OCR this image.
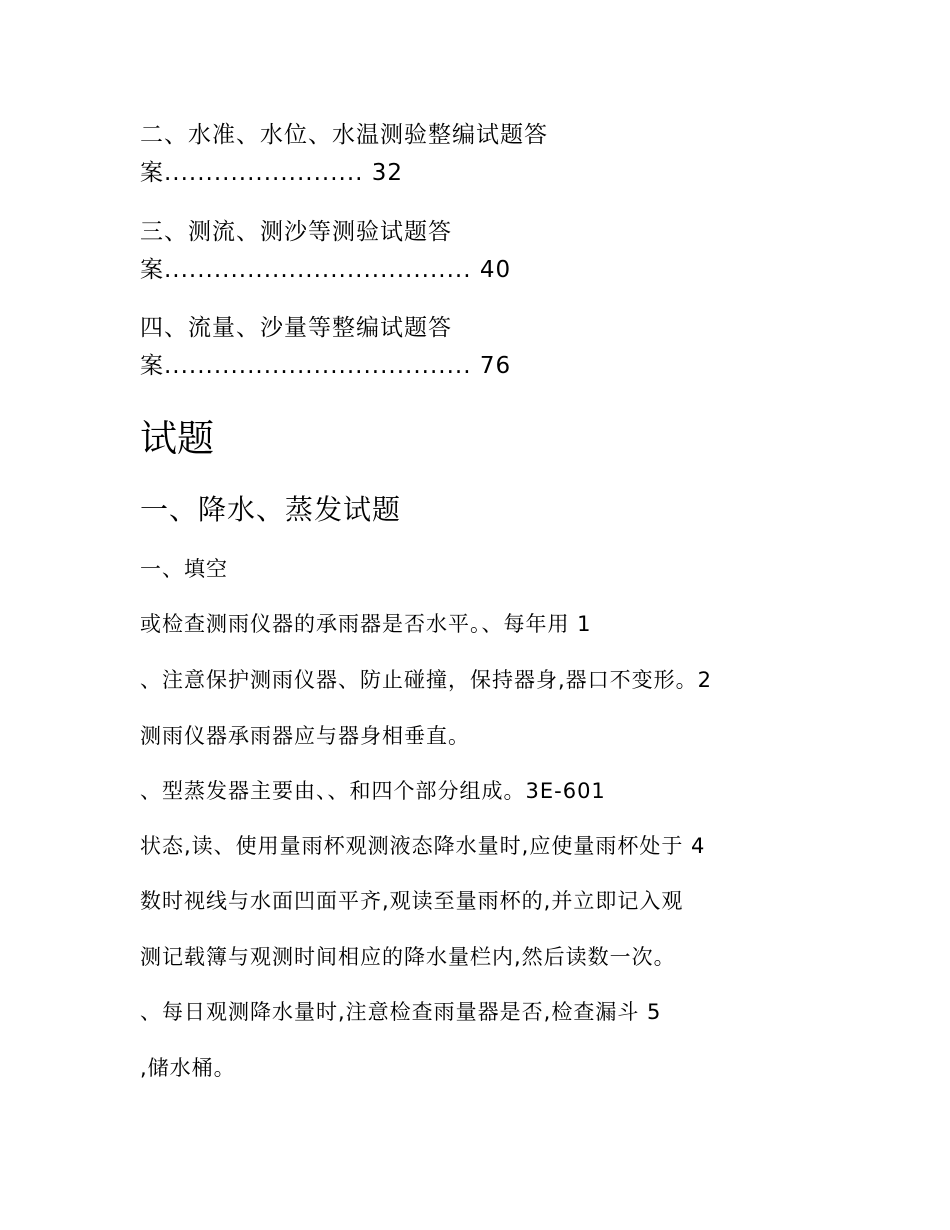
二、水准、水位、水温测验整编试题答
案........................ 32
三、测流、测沙等测验试题答
案..................................... 40
四、流量、沙量等整编试题答
案..................................... 76
试题
一、降水、蒸发试题

一、填空

或检查测雨仪器的承雨器是否水平。、每年用 1

、注意保护测雨仪器、防止碰撞，保持器身,器口不变形。2

测雨仪器承雨器应与器身相垂直。

、型蒸发器主要由、、和四个部分组成。3E-601

状态,读、使用量雨杯观测液态降水量时,应使量雨杯处于 4

数时视线与水面凹面平齐,观读至量雨杯的,并立即记入观

测记载簿与观测时间相应的降水量栏内,然后读数一次。

、每日观测降水量时,注意检查雨量器是否,检查漏斗 5

,储水桶。
